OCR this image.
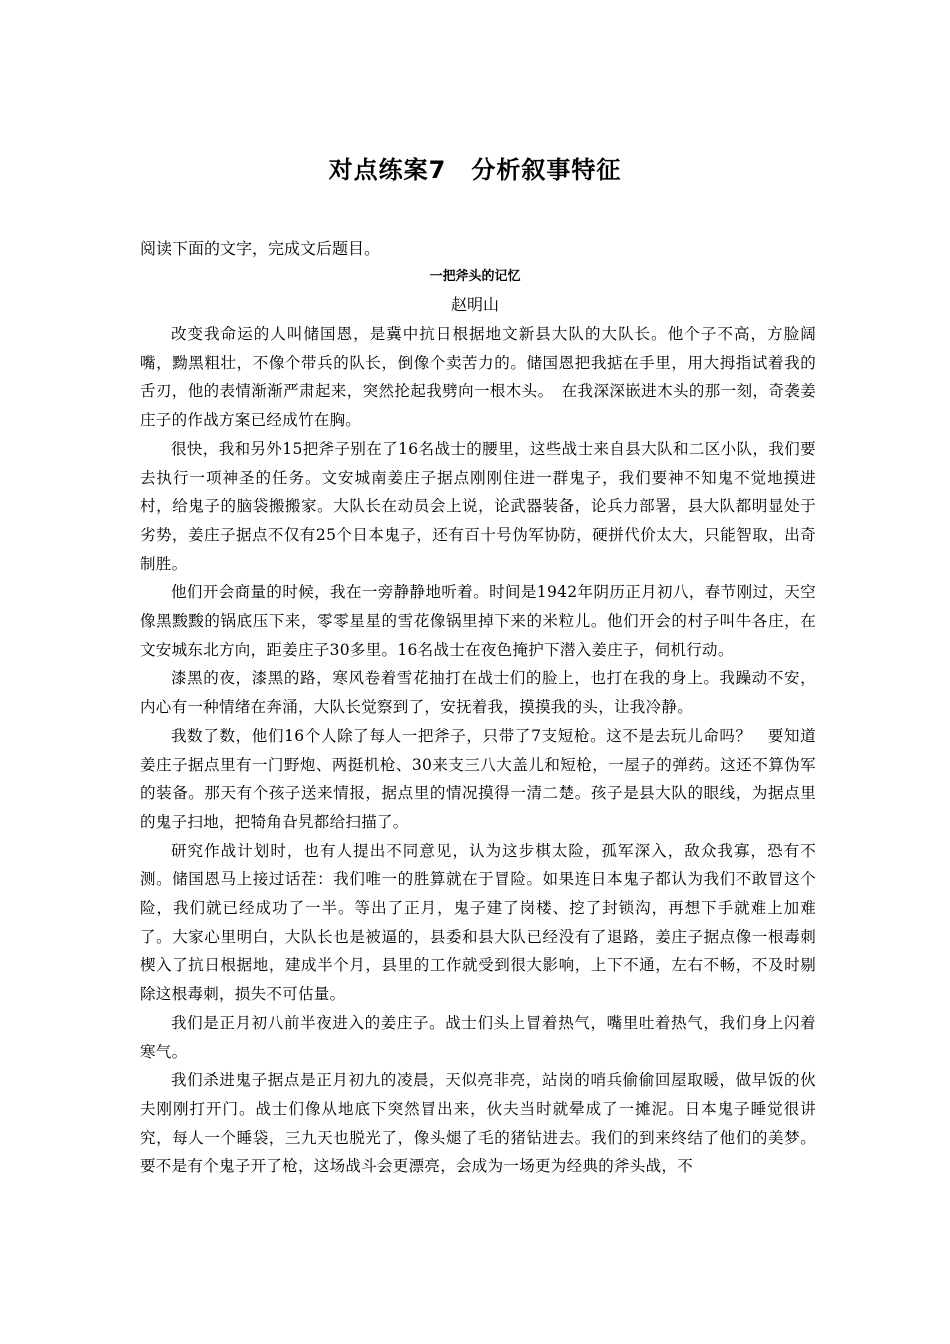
对点练案7　分析叙事特征
阅读下面的文字，完成文后题目。
一把斧头的记忆
赵明山

改变我命运的人叫储国恩，是冀中抗日根据地文新县大队的大队长。他个子不高，方脸阔嘴，黝黑粗壮，不像个带兵的队长，倒像个卖苦力的。储国恩把我掂在手里，用大拇指试着我的舌刃，他的表情渐渐严肃起来，突然抡起我劈向一根木头。　在我深深嵌进木头的那一刻，奇袭姜庄子的作战方案已经成竹在胸。

很快，我和另外15把斧子别在了16名战士的腰里，这些战士来自县大队和二区小队，我们要去执行一项神圣的任务。文安城南姜庄子据点刚刚住进一群鬼子，我们要神不知鬼不觉地摸进村，给鬼子的脑袋搬搬家。大队长在动员会上说，论武器装备，论兵力部署，县大队都明显处于劣势，姜庄子据点不仅有25个日本鬼子，还有百十号伪军协防，硬拼代价太大，只能智取，出奇制胜。

他们开会商量的时候，我在一旁静静地听着。时间是1942年阴历正月初八，春节刚过，天空像黑黢黢的锅底压下来，零零星星的雪花像锅里掉下来的米粒儿。他们开会的村子叫牛各庄，在文安城东北方向，距姜庄子30多里。16名战士在夜色掩护下潜入姜庄子，伺机行动。

漆黑的夜，漆黑的路，寒风卷着雪花抽打在战士们的脸上，也打在我的身上。我躁动不安，内心有一种情绪在奔涌，大队长觉察到了，安抚着我，摸摸我的头，让我冷静。

我数了数，他们16个人除了每人一把斧子，只带了7支短枪。这不是去玩儿命吗？　要知道姜庄子据点里有一门野炮、两挺机枪、30来支三八大盖儿和短枪，一屋子的弹药。这还不算伪军的装备。那天有个孩子送来情报，据点里的情况摸得一清二楚。孩子是县大队的眼线，为据点里的鬼子扫地，把犄角旮旯都给扫描了。

研究作战计划时，也有人提出不同意见，认为这步棋太险，孤军深入，敌众我寡，恐有不测。储国恩马上接过话茬：我们唯一的胜算就在于冒险。如果连日本鬼子都认为我们不敢冒这个险，我们就已经成功了一半。等出了正月，鬼子建了岗楼、挖了封锁沟，再想下手就难上加难了。大家心里明白，大队长也是被逼的，县委和县大队已经没有了退路，姜庄子据点像一根毒刺楔入了抗日根据地，建成半个月，县里的工作就受到很大影响，上下不通，左右不畅，不及时剔除这根毒刺，损失不可估量。

我们是正月初八前半夜进入的姜庄子。战士们头上冒着热气，嘴里吐着热气，我们身上闪着寒气。

我们杀进鬼子据点是正月初九的凌晨，天似亮非亮，站岗的哨兵偷偷回屋取暖，做早饭的伙夫刚刚打开门。战士们像从地底下突然冒出来，伙夫当时就晕成了一摊泥。日本鬼子睡觉很讲究，每人一个睡袋，三九天也脱光了，像头煺了毛的猪钻进去。我们的到来终结了他们的美梦。要不是有个鬼子开了枪，这场战斗会更漂亮，会成为一场更为经典的斧头战，不
